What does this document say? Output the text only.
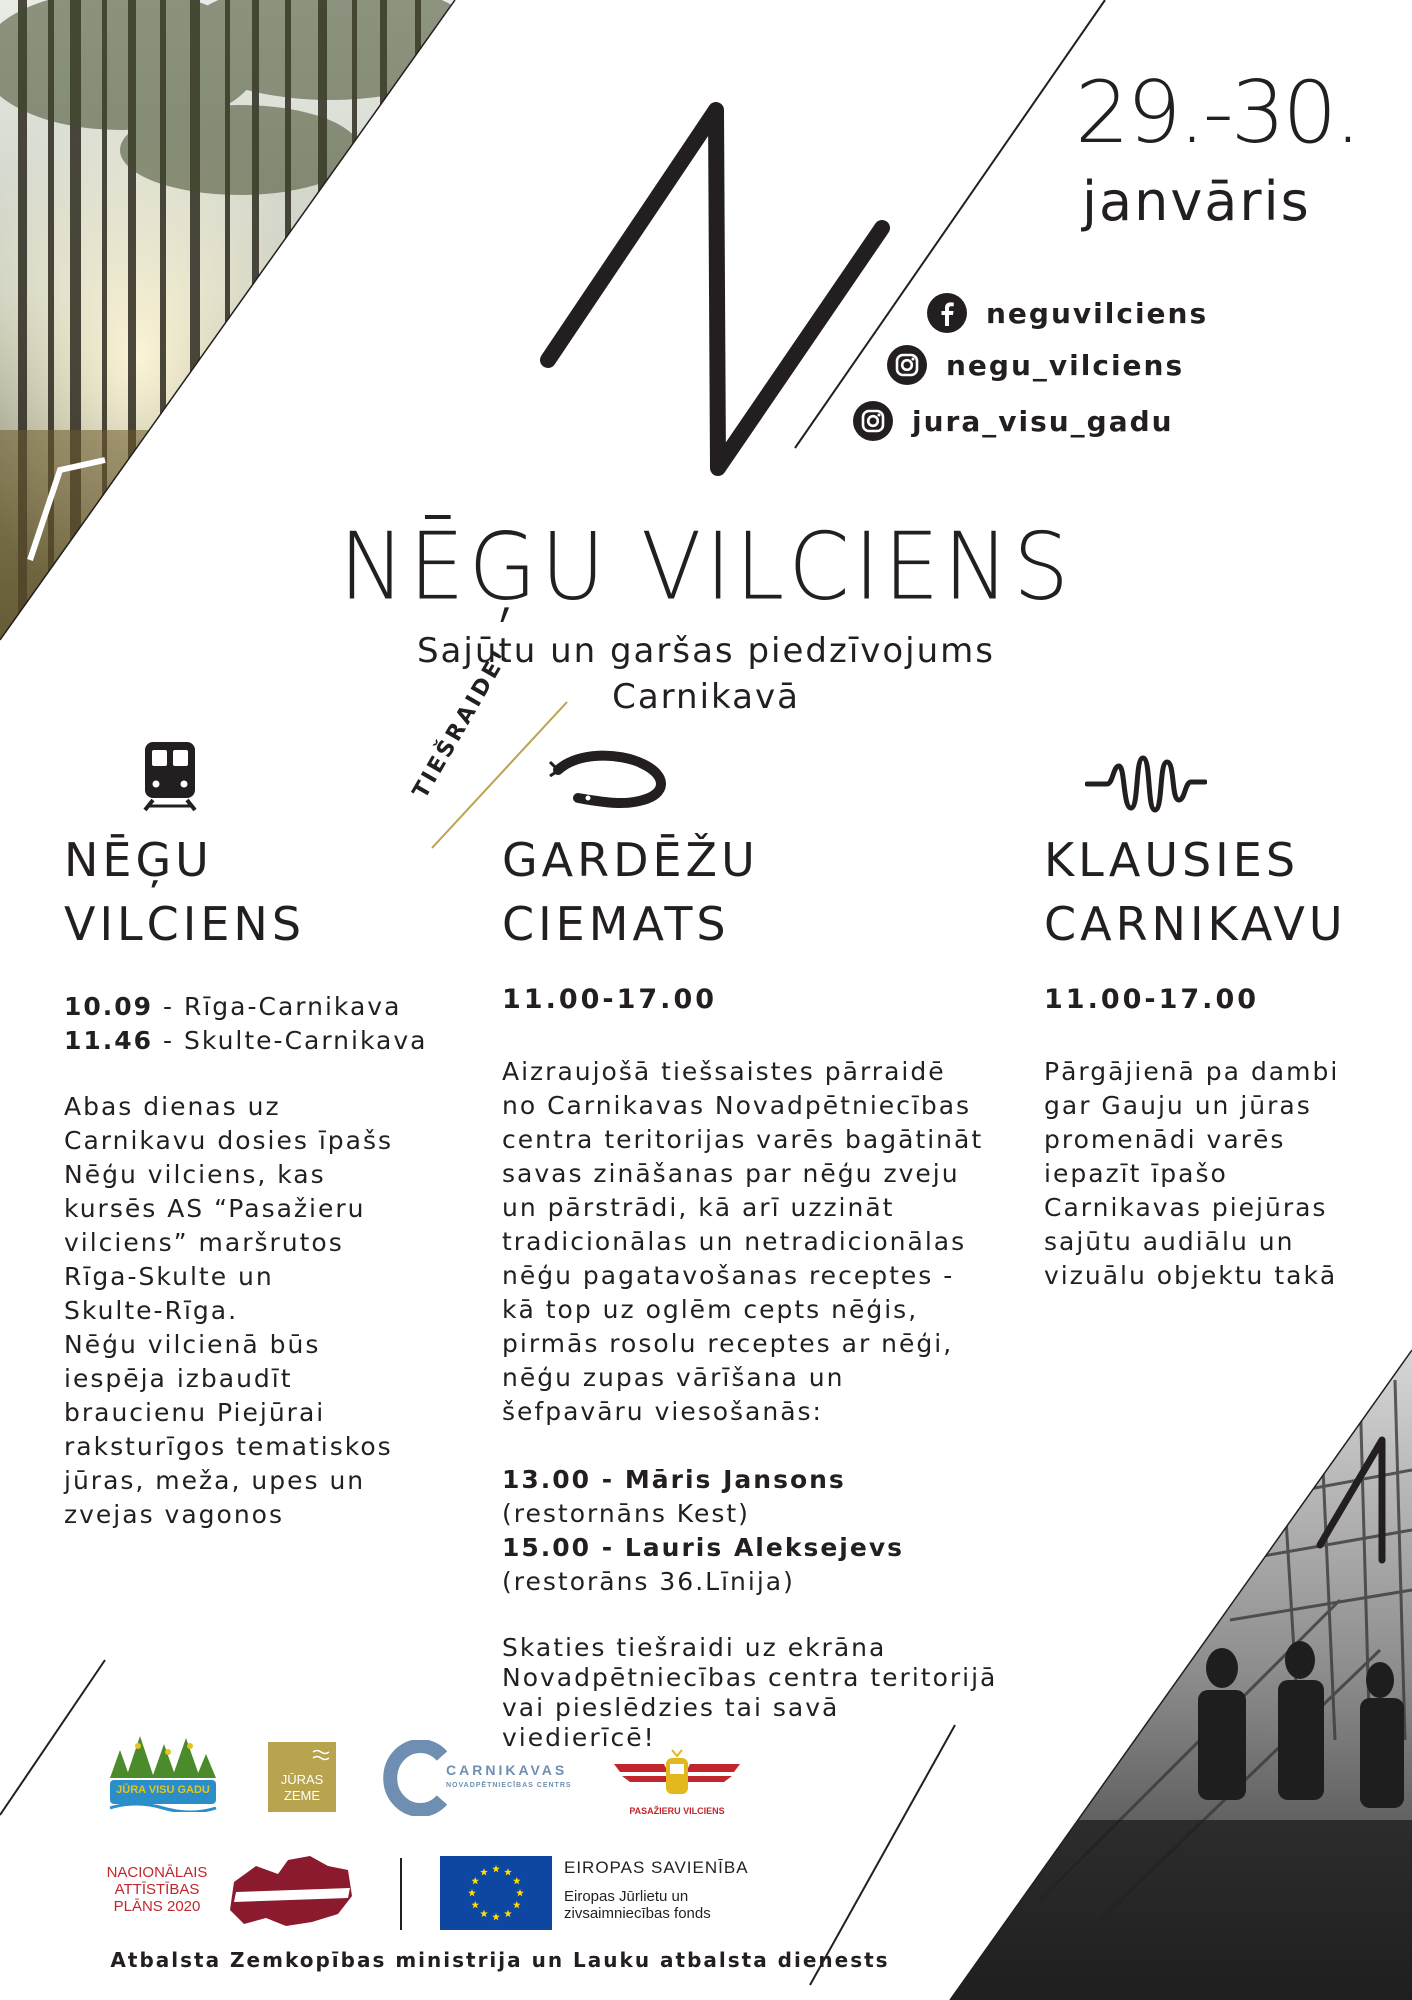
29.-30.
janvāris
neguvilciens
negu_vilciens
jura_visu_gadu
NĒĢU VILCIENS
Sajūtu un garšas piedzīvojums
Carnikavā
TIEŠRAIDE!
NĒĢU
VILCIENS
10.09 - Rīga-Carnikava
11.46 - Skulte-Carnikava
Abas dienas uz
Carnikavu dosies īpašs
Nēģu vilciens, kas
kursēs AS “Pasažieru
vilciens” maršrutos
Rīga-Skulte un
Skulte-Rīga.
Nēģu vilcienā būs
iespēja izbaudīt
braucienu Piejūrai
raksturīgos tematiskos
jūras, meža, upes un
zvejas vagonos
GARDĒŽU
CIEMATS
11.00-17.00
Aizraujošā tiešsaistes pārraidē
no Carnikavas Novadpētniecības
centra teritorijas varēs bagātināt
savas zināšanas par nēģu zveju
un pārstrādi, kā arī uzzināt
tradicionālas un netradicionālas
nēģu pagatavošanas receptes -
kā top uz oglēm cepts nēģis,
pirmās rosolu receptes ar nēģi,
nēģu zupas vārīšana un
šefpavāru viesošanās:
13.00 - Māris Jansons
(restornāns Kest)
15.00 - Lauris Aleksejevs
(restorāns 36.Līnija)
Skaties tiešraidi uz ekrāna
Novadpētniecības centra teritorijā
vai pieslēdzies tai savā viedierīcē!
KLAUSIES
CARNIKAVU
11.00-17.00
Pārgājienā pa dambi
gar Gauju un jūras
promenādi varēs
iepazīt īpašo
Carnikavas piejūras
sajūtu audiālu un
vizuālu objektu takā
JŪRA VISU GADU
JŪRAS
ZEME
CARNIKAVAS
NOVADPĒTNIECĪBAS CENTRS
PASAŽIERU VILCIENS
NACIONĀLAIS
ATTĪSTĪBAS
PLĀNS 2020
EIROPAS SAVIENĪBA
Eiropas Jūrlietu un
zivsaimniecības fonds
Atbalsta Zemkopības ministrija un Lauku atbalsta dienests
